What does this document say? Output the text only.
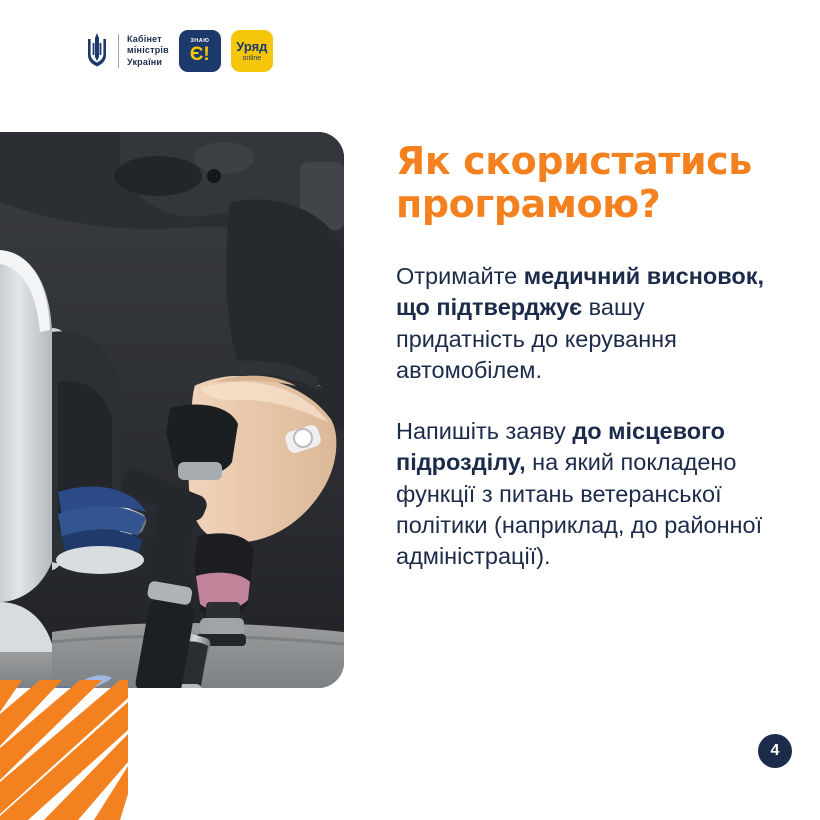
Кабінет
міністрів
України
ЗНАЮ
Є! Уряд
online
Як скористатись програмою?

Отримайте медичний висновок, що підтверджує вашу придатність до керування автомобілем.

Напишіть заяву до місцевого підрозділу, на який покладено функції з питань ветеранської політики (наприклад, до районної адміністрації).

4
